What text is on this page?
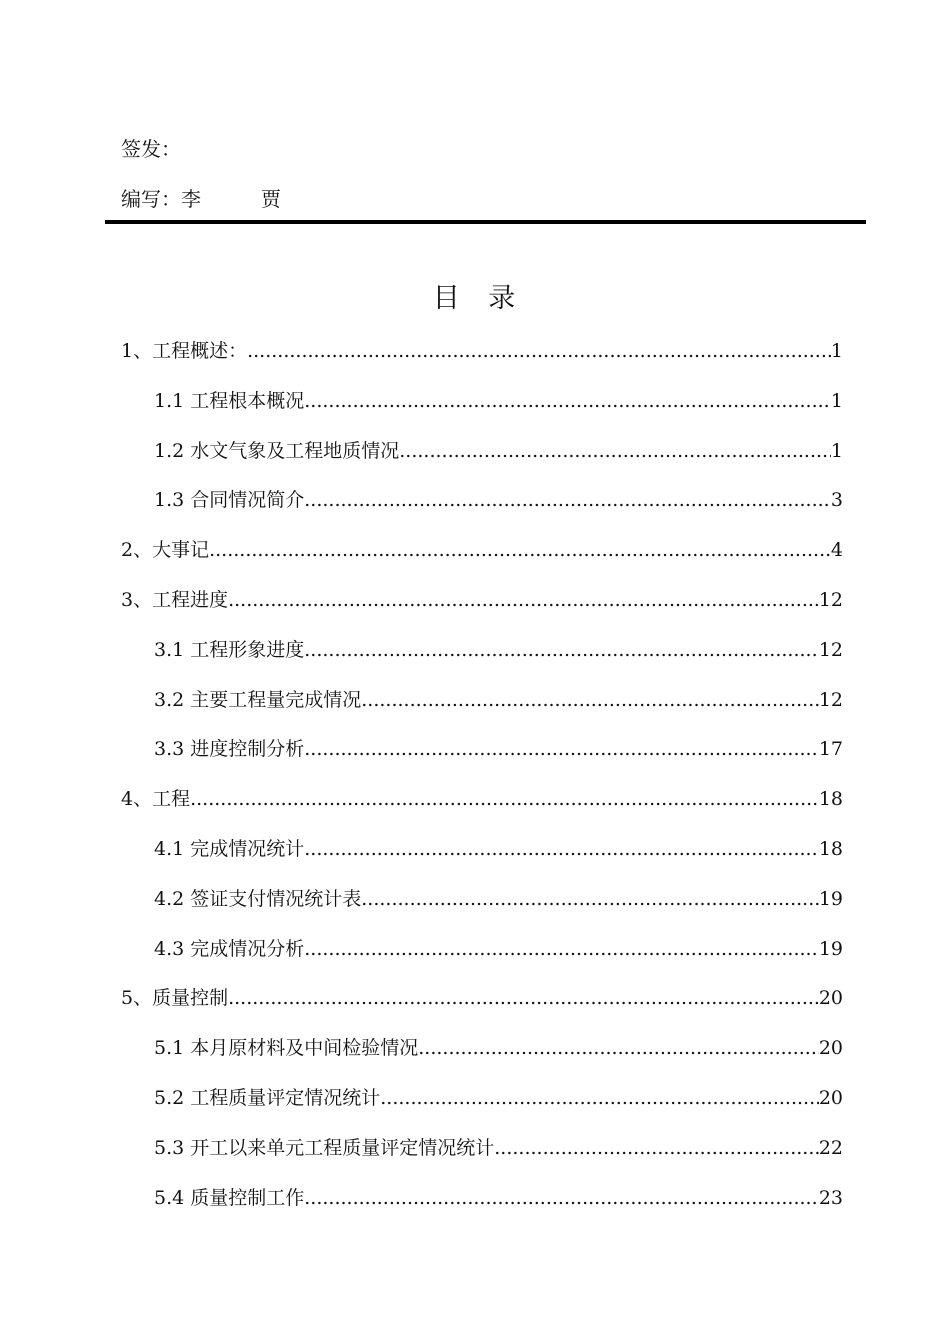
签发：
编写：李　　　贾
目 录
1、工程概述： .....	1
1.1 工程根本概况 .....	1
1.2 水文气象及工程地质情况 .....	1
1.3 合同情况简介 .....	3
2、大事记 .....	4
3、工程进度 .....	12
3.1 工程形象进度 .....	12
3.2 主要工程量完成情况 .....	12
3.3 进度控制分析 .....	17
4、工程 .....	18
4.1 完成情况统计 .....	18
4.2 签证支付情况统计表 .....	19
4.3 完成情况分析 .....	19
5、质量控制 .....	20
5.1 本月原材料及中间检验情况 .....	20
5.2 工程质量评定情况统计 .....	20
5.3 开工以来单元工程质量评定情况统计 .....	22
5.4 质量控制工作 .....	23
